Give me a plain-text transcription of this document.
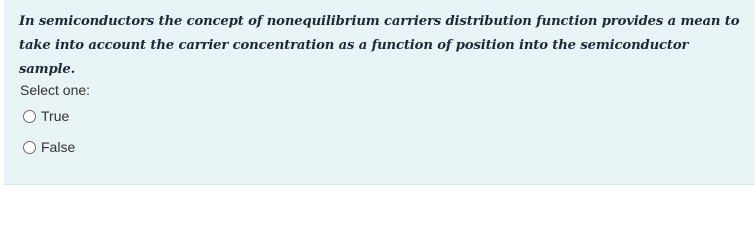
In semiconductors the concept of nonequilibrium carriers distribution function provides a mean to take into account the carrier concentration as a function of position into the semiconductor sample.

Select one:
True
False
